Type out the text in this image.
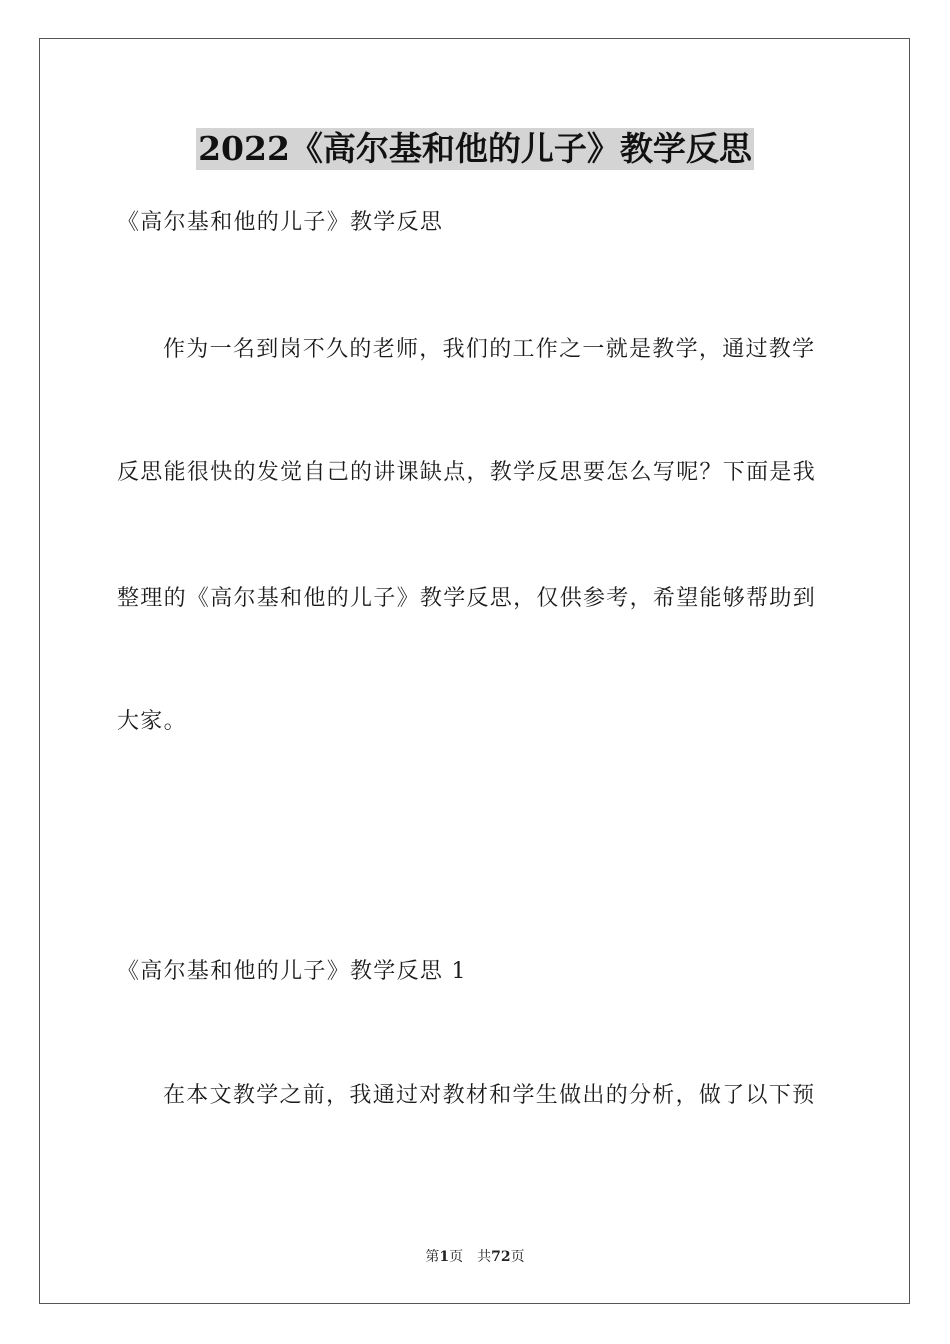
2022《高尔基和他的儿子》教学反思
《高尔基和他的儿子》教学反思
作为一名到岗不久的老师，我们的工作之一就是教学，通过教学
反思能很快的发觉自己的讲课缺点，教学反思要怎么写呢？下面是我
整理的《高尔基和他的儿子》教学反思，仅供参考，希望能够帮助到
大家。
《高尔基和他的儿子》教学反思 1
在本文教学之前，我通过对教材和学生做出的分析，做了以下预
第1页　共72页
